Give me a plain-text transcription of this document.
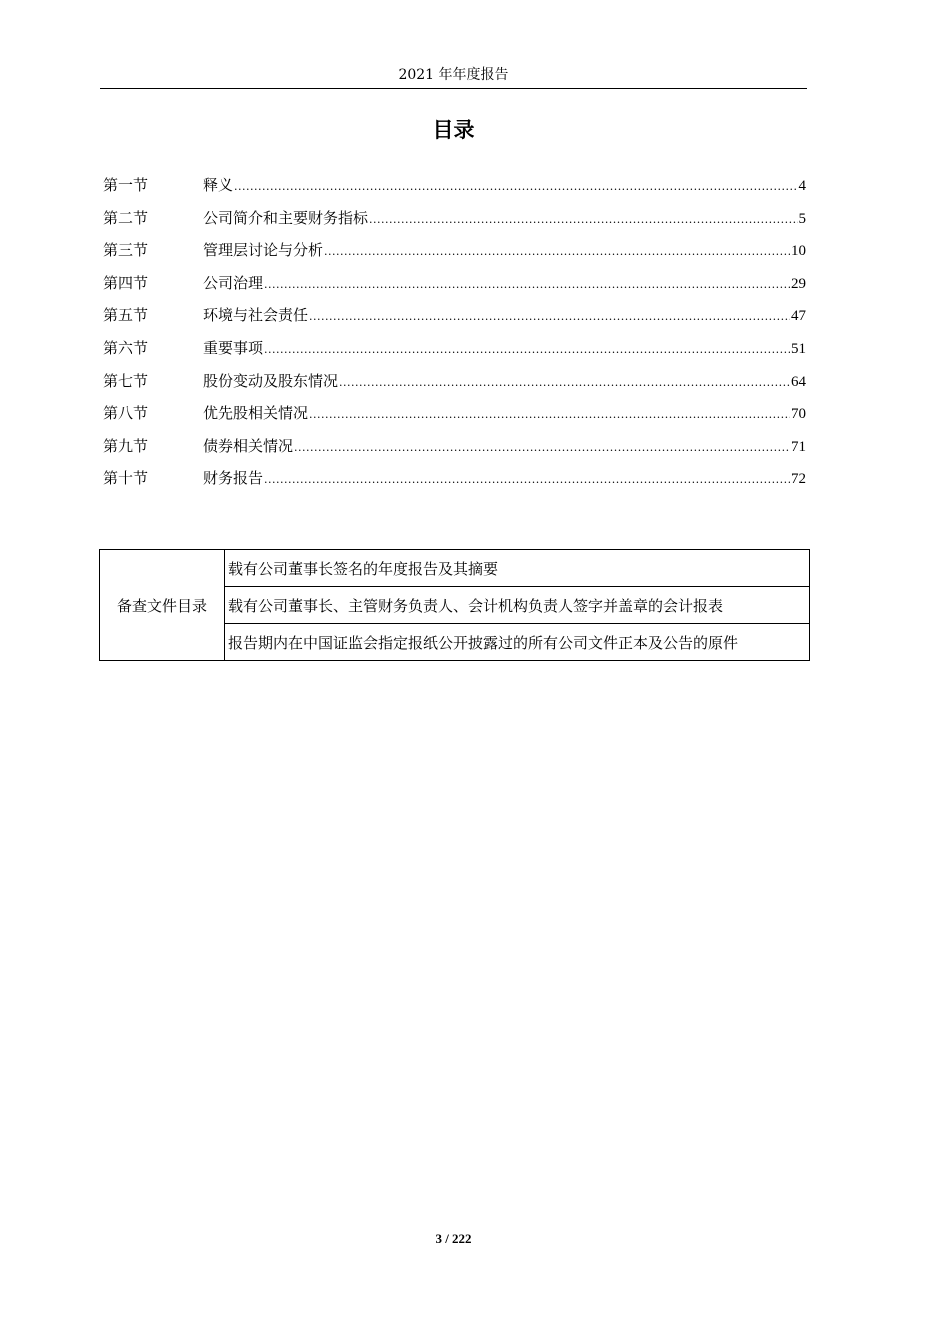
2021 年年度报告
目录
第一节	释义 .....	4
第二节	公司简介和主要财务指标 .....	5
第三节	管理层讨论与分析 .....	10
第四节	公司治理 .....	29
第五节	环境与社会责任 .....	47
第六节	重要事项 .....	51
第七节	股份变动及股东情况 .....	64
第八节	优先股相关情况 .....	70
第九节	债券相关情况 .....	71
第十节	财务报告 .....	72
备查文件目录	载有公司董事长签名的年度报告及其摘要
载有公司董事长、主管财务负责人、会计机构负责人签字并盖章的会计报表
报告期内在中国证监会指定报纸公开披露过的所有公司文件正本及公告的原件
3 / 222
